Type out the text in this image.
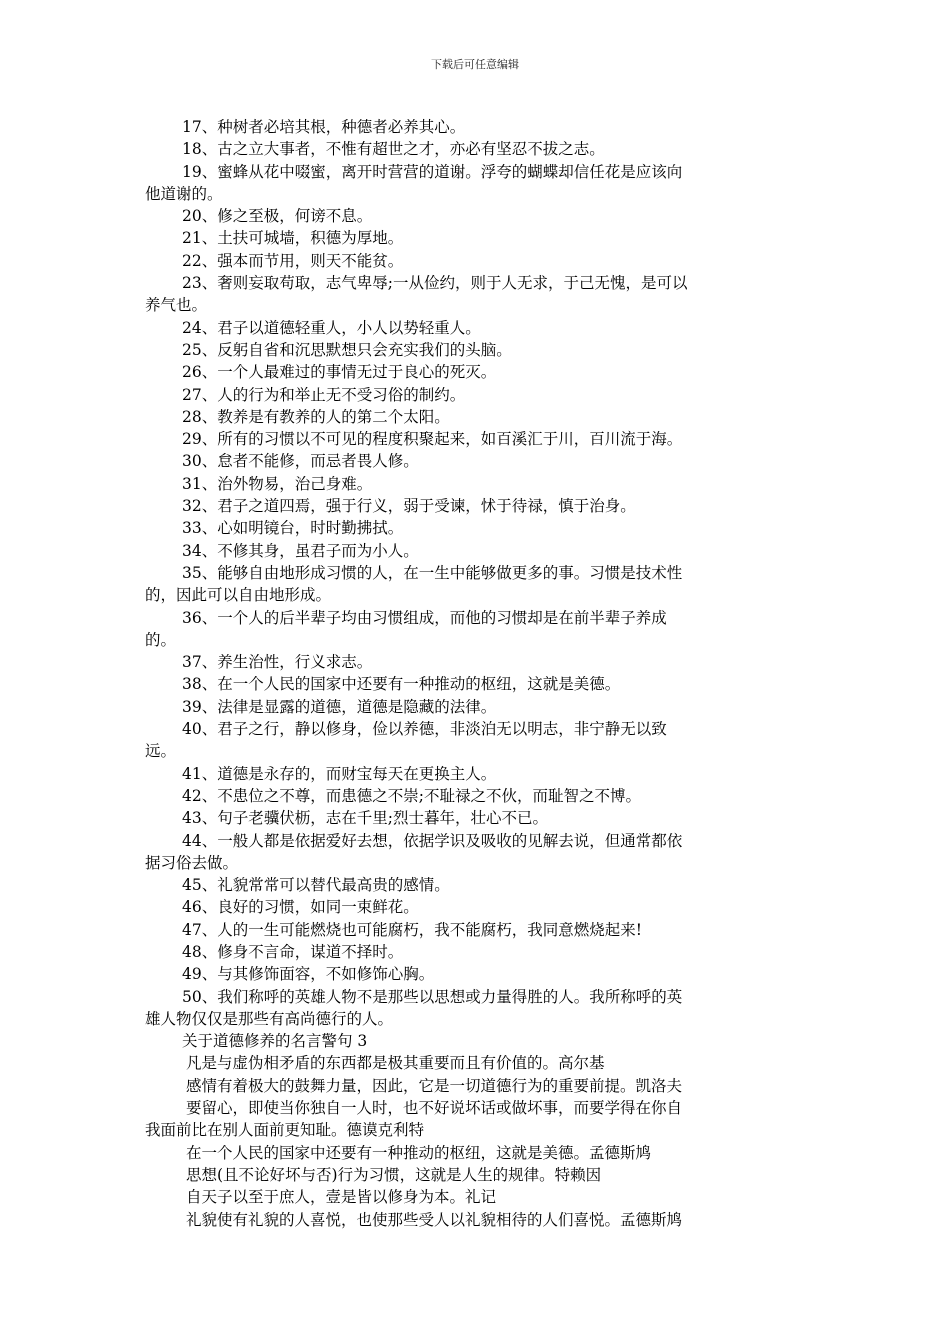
下载后可任意编辑
17、种树者必培其根，种德者必养其心。
18、古之立大事者，不惟有超世之才，亦必有坚忍不拔之志。
19、蜜蜂从花中啜蜜，离开时营营的道谢。浮夸的蝴蝶却信任花是应该向
他道谢的。
20、修之至极，何谤不息。
21、土扶可城墙，积德为厚地。
22、强本而节用，则天不能贫。
23、奢则妄取苟取，志气卑辱;一从俭约，则于人无求，于己无愧，是可以
养气也。
24、君子以道德轻重人，小人以势轻重人。
25、反躬自省和沉思默想只会充实我们的头脑。
26、一个人最难过的事情无过于良心的死灭。
27、人的行为和举止无不受习俗的制约。
28、教养是有教养的人的第二个太阳。
29、所有的习惯以不可见的程度积聚起来，如百溪汇于川，百川流于海。
30、怠者不能修，而忌者畏人修。
31、治外物易，治己身难。
32、君子之道四焉，强于行义，弱于受谏，怵于待禄，慎于治身。
33、心如明镜台，时时勤拂拭。
34、不修其身，虽君子而为小人。
35、能够自由地形成习惯的人，在一生中能够做更多的事。习惯是技术性
的，因此可以自由地形成。
36、一个人的后半辈子均由习惯组成，而他的习惯却是在前半辈子养成
的。
37、养生治性，行义求志。
38、在一个人民的国家中还要有一种推动的枢纽，这就是美德。
39、法律是显露的道德，道德是隐藏的法律。
40、君子之行，静以修身，俭以养德，非淡泊无以明志，非宁静无以致
远。
41、道德是永存的，而财宝每天在更换主人。
42、不患位之不尊，而患德之不崇;不耻禄之不伙，而耻智之不博。
43、句子老骥伏枥，志在千里;烈士暮年，壮心不已。
44、一般人都是依据爱好去想，依据学识及吸收的见解去说，但通常都依
据习俗去做。
45、礼貌常常可以替代最高贵的感情。
46、良好的习惯，如同一束鲜花。
47、人的一生可能燃烧也可能腐朽，我不能腐朽，我同意燃烧起来!
48、修身不言命，谋道不择时。
49、与其修饰面容，不如修饰心胸。
50、我们称呼的英雄人物不是那些以思想或力量得胜的人。我所称呼的英
雄人物仅仅是那些有高尚德行的人。
关于道德修养的名言警句 3
凡是与虚伪相矛盾的东西都是极其重要而且有价值的。高尔基
感情有着极大的鼓舞力量，因此，它是一切道德行为的重要前提。凯洛夫
要留心，即使当你独自一人时，也不好说坏话或做坏事，而要学得在你自
我面前比在别人面前更知耻。德谟克利特
在一个人民的国家中还要有一种推动的枢纽，这就是美德。孟德斯鸠
思想(且不论好坏与否)行为习惯，这就是人生的规律。特赖因
自天子以至于庶人，壹是皆以修身为本。礼记
礼貌使有礼貌的人喜悦，也使那些受人以礼貌相待的人们喜悦。孟德斯鸠
